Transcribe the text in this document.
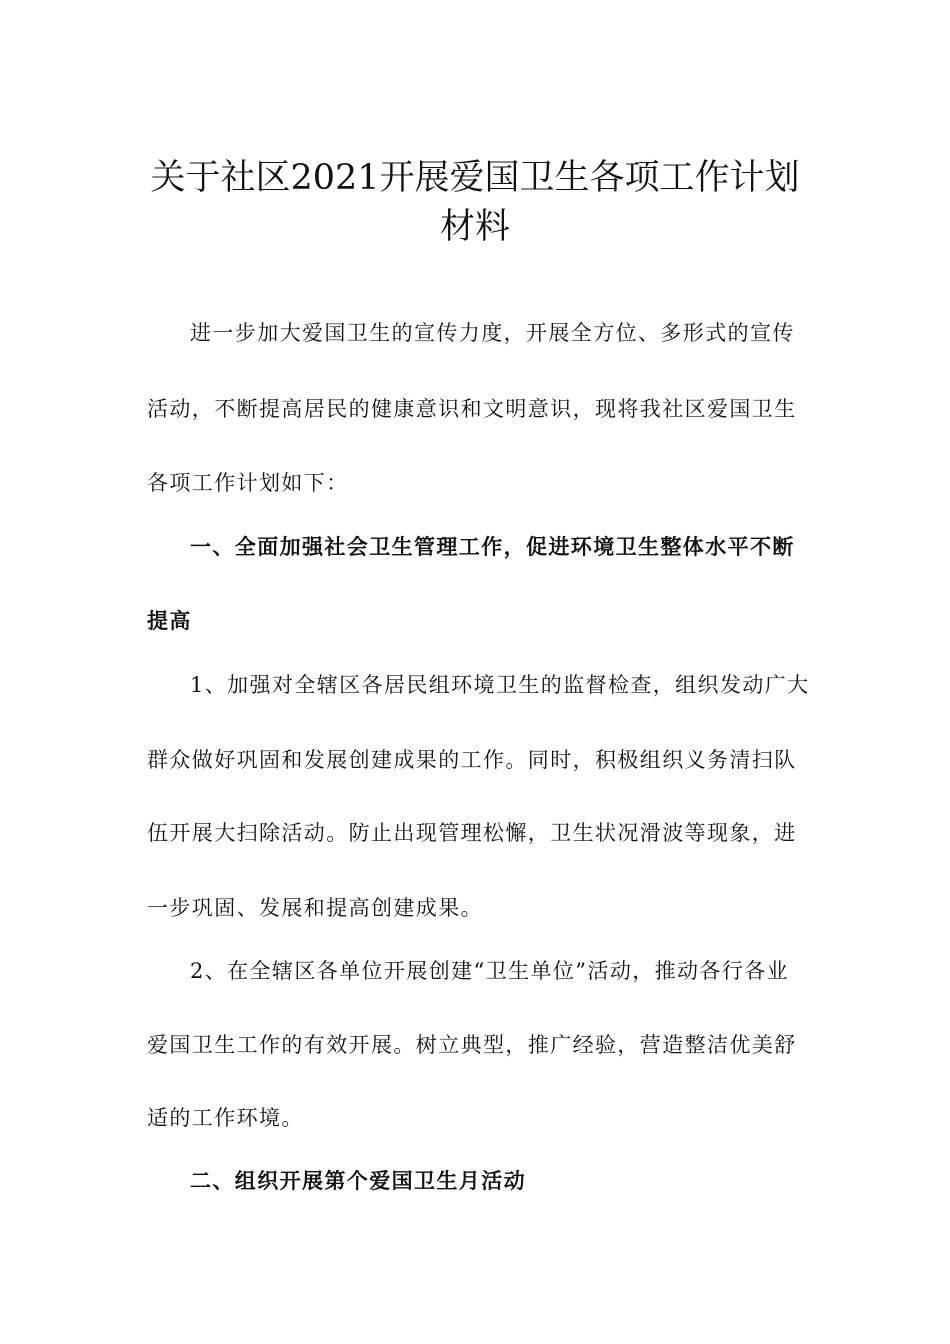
关于社区2021开展爱国卫生各项工作计划
材料
进一步加大爱国卫生的宣传力度，开展全方位、多形式的宣传
活动，不断提高居民的健康意识和文明意识，现将我社区爱国卫生
各项工作计划如下：
一、全面加强社会卫生管理工作，促进环境卫生整体水平不断
提高
1、加强对全辖区各居民组环境卫生的监督检查，组织发动广大
群众做好巩固和发展创建成果的工作。同时，积极组织义务清扫队
伍开展大扫除活动。防止出现管理松懈，卫生状况滑波等现象，进
一步巩固、发展和提高创建成果。
2、在全辖区各单位开展创建“卫生单位”活动，推动各行各业
爱国卫生工作的有效开展。树立典型，推广经验，营造整洁优美舒
适的工作环境。
二、组织开展第个爱国卫生月活动
